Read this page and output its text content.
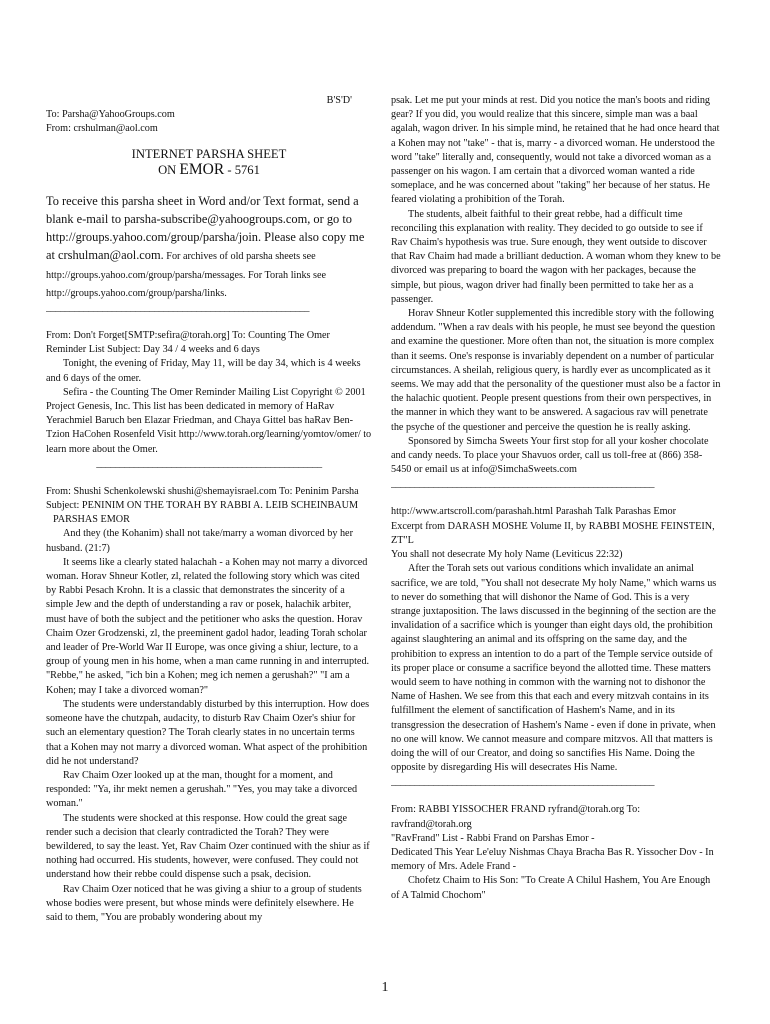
B'S'D'

To: Parsha@YahooGroups.com

From: crshulman@aol.com

INTERNET PARSHA SHEET

ON EMOR - 5761

To receive this parsha sheet in Word and/or Text format, send a blank e-mail to parsha-subscribe@yahoogroups.com, or go to http://groups.yahoo.com/group/parsha/join. Please also copy me at crshulman@aol.com. For archives of old parsha sheets see http://groups.yahoo.com/group/parsha/messages. For Torah links see http://groups.yahoo.com/group/parsha/links.

________________________________________________________

From: Don't Forget[SMTP:sefira@torah.org] To: Counting The Omer Reminder List Subject: Day 34 / 4 weeks and 6 days

Tonight, the evening of Friday, May 11, will be day 34, which is 4 weeks and 6 days of the omer.

Sefira - the Counting The Omer Reminder Mailing List Copyright © 2001 Project Genesis, Inc. This list has been dedicated in memory of HaRav Yerachmiel Baruch ben Elazar Friedman, and Chaya Gittel bas haRav Ben-Tzion HaCohen Rosenfeld Visit http://www.torah.org/learning/yomtov/omer/ to learn more about the Omer.

________________________________________________

From: Shushi Schenkolewski shushi@shemayisrael.com To: Peninim Parsha

Subject: PENINIM ON THE TORAH BY RABBI A. LEIB SCHEINBAUM

PARSHAS EMOR

And they (the Kohanim) shall not take/marry a woman divorced by her husband. (21:7)

It seems like a clearly stated halachah - a Kohen may not marry a divorced woman. Horav Shneur Kotler, zl, related the following story which was cited by Rabbi Pesach Krohn. It is a classic that demonstrates the sincerity of a simple Jew and the depth of understanding a rav or posek, halachik arbiter, must have of both the subject and the petitioner who asks the question. Horav Chaim Ozer Grodzenski, zl, the preeminent gadol hador, leading Torah scholar and leader of Pre-World War II Europe, was once giving a shiur, lecture, to a group of young men in his home, when a man came running in and interrupted. "Rebbe," he asked, "ich bin a Kohen; meg ich nemen a gerushah?" "I am a Kohen; may I take a divorced woman?"

The students were understandably disturbed by this interruption. How does someone have the chutzpah, audacity, to disturb Rav Chaim Ozer's shiur for such an elementary question? The Torah clearly states in no uncertain terms that a Kohen may not marry a divorced woman. What aspect of the prohibition did he not understand?

Rav Chaim Ozer looked up at the man, thought for a moment, and responded: "Ya, ihr mekt nemen a gerushah." "Yes, you may take a divorced woman."

The students were shocked at this response. How could the great sage render such a decision that clearly contradicted the Torah? They were bewildered, to say the least. Yet, Rav Chaim Ozer continued with the shiur as if nothing had occurred. His students, however, were confused. They could not understand how their rebbe could dispense such a psak, decision.

Rav Chaim Ozer noticed that he was giving a shiur to a group of students whose bodies were present, but whose minds were definitely elsewhere. He said to them, "You are probably wondering about my

psak. Let me put your minds at rest. Did you notice the man's boots and riding gear? If you did, you would realize that this sincere, simple man was a baal agalah, wagon driver. In his simple mind, he retained that he had once heard that a Kohen may not "take" - that is, marry - a divorced woman. He understood the word "take" literally and, consequently, would not take a divorced woman as a passenger on his wagon. I am certain that a divorced woman wanted a ride someplace, and he was concerned about "taking" her because of her status. He feared violating a prohibition of the Torah.

The students, albeit faithful to their great rebbe, had a difficult time reconciling this explanation with reality. They decided to go outside to see if Rav Chaim's hypothesis was true. Sure enough, they went outside to discover that Rav Chaim had made a brilliant deduction. A woman whom they knew to be divorced was preparing to board the wagon with her packages, because the simple, but pious, wagon driver had finally been permitted to take her as a passenger.

Horav Shneur Kotler supplemented this incredible story with the following addendum. "When a rav deals with his people, he must see beyond the question and examine the questioner. More often than not, the situation is more complex than it seems. One's response is invariably dependent on a number of particular circumstances. A sheilah, religious query, is hardly ever as uncomplicated as it seems. We may add that the personality of the questioner must also be a factor in the halachic quotient. People present questions from their own perspectives, in the manner in which they want to be answered. A sagacious rav will penetrate the psyche of the questioner and perceive the question he is really asking.

Sponsored by Simcha Sweets Your first stop for all your kosher chocolate and candy needs. To place your Shavuos order, call us toll-free at (866) 358-5450 or email us at info@SimchaSweets.com

________________________________________________________

http://www.artscroll.com/parashah.html Parashah Talk Parashas Emor

Excerpt from DARASH MOSHE Volume II, by RABBI MOSHE FEINSTEIN, ZT"L

You shall not desecrate My holy Name (Leviticus 22:32)

After the Torah sets out various conditions which invalidate an animal sacrifice, we are told, "You shall not desecrate My holy Name," which warns us to never do something that will dishonor the Name of God. This is a very strange juxtaposition. The laws discussed in the beginning of the section are the invalidation of a sacrifice which is younger than eight days old, the prohibition against slaughtering an animal and its offspring on the same day, and the prohibition to express an intention to do a part of the Temple service outside of its proper place or consume a sacrifice beyond the allotted time. These matters would seem to have nothing in common with the warning not to dishonor the Name of Hashen. We see from this that each and every mitzvah contains in its fulfillment the element of sanctification of Hashem's Name, and in its transgression the desecration of Hashem's Name - even if done in private, when no one will know. We cannot measure and compare mitzvos. All that matters is doing the will of our Creator, and doing so sanctifies His Name. Doing the opposite by disregarding His will desecrates His Name.

________________________________________________________

From: RABBI YISSOCHER FRAND ryfrand@torah.org To: ravfrand@torah.org

"RavFrand" List - Rabbi Frand on Parshas Emor -

Dedicated This Year Le'eluy Nishmas Chaya Bracha Bas R. Yissocher Dov - In memory of Mrs. Adele Frand -

Chofetz Chaim to His Son: "To Create A Chilul Hashem, You Are Enough of A Talmid Chochom"

1
